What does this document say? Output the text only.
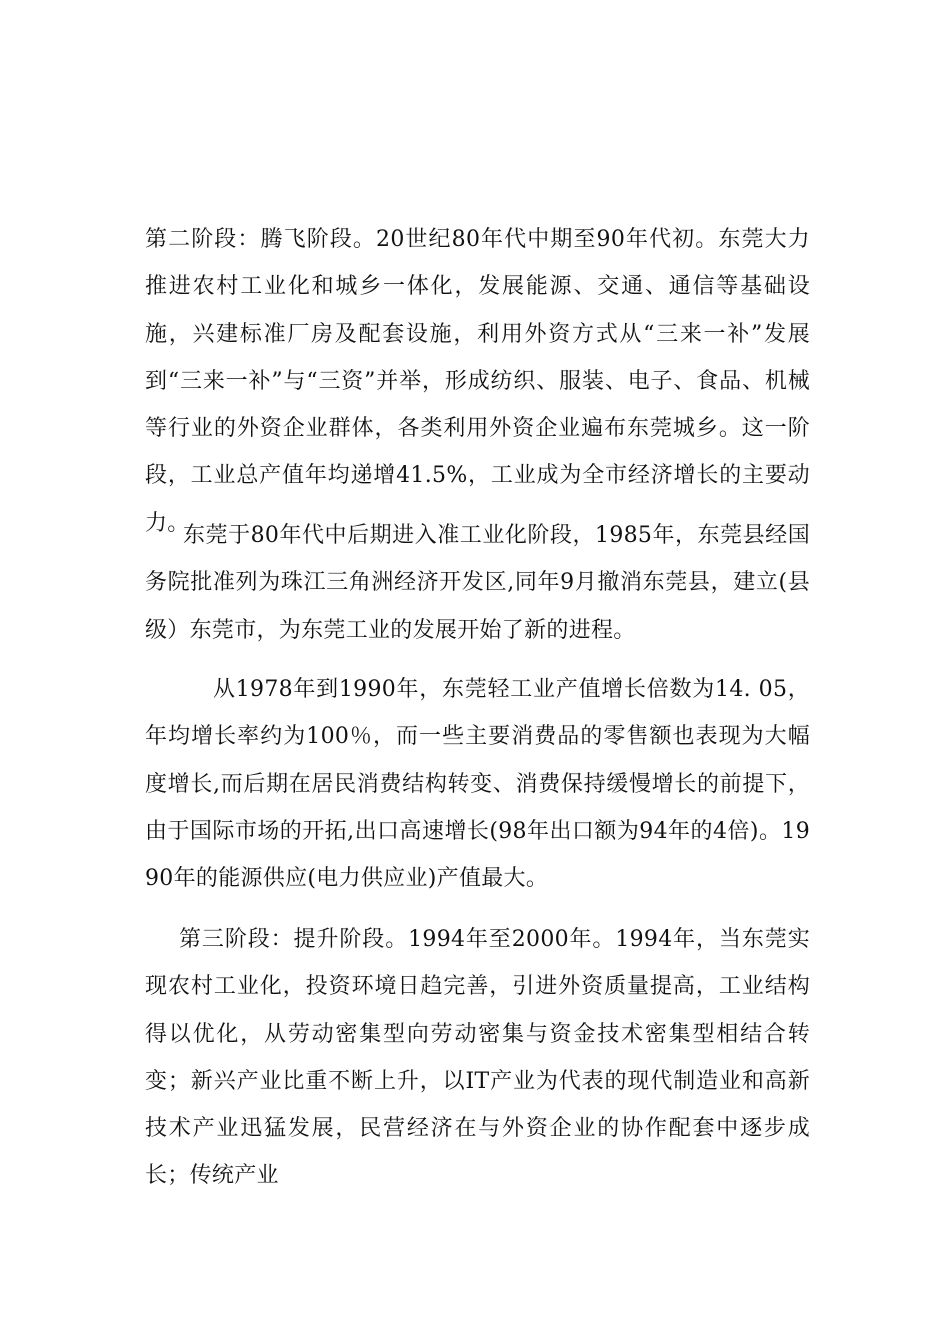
第二阶段：腾飞阶段。20世纪80年代中期至90年代初。东莞大力推进农村工业化和城乡一体化，发展能源、交通、通信等基础设施，兴建标准厂房及配套设施，利用外资方式从“三来一补”发展到“三来一补”与“三资”并举，形成纺织、服装、电子、食品、机械等行业的外资企业群体，各类利用外资企业遍布东莞城乡。这一阶段，工业总产值年均递增41.5%，工业成为全市经济增长的主要动力。

东莞于80年代中后期进入准工业化阶段，1985年，东莞县经国务院批准列为珠江三角洲经济开发区,同年9月撤消东莞县，建立(县级）东莞市，为东莞工业的发展开始了新的进程。

从1978年到1990年，东莞轻工业产值增长倍数为14. 05，年均增长率约为100％，而一些主要消费品的零售额也表现为大幅度增长,而后期在居民消费结构转变、消费保持缓慢增长的前提下，由于国际市场的开拓,出口高速增长(98年出口额为94年的4倍)。1990年的能源供应(电力供应业)产值最大。

第三阶段：提升阶段。1994年至2000年。1994年，当东莞实现农村工业化，投资环境日趋完善，引进外资质量提高，工业结构得以优化，从劳动密集型向劳动密集与资金技术密集型相结合转变；新兴产业比重不断上升，以IT产业为代表的现代制造业和高新技术产业迅猛发展，民营经济在与外资企业的协作配套中逐步成长；传统产业
